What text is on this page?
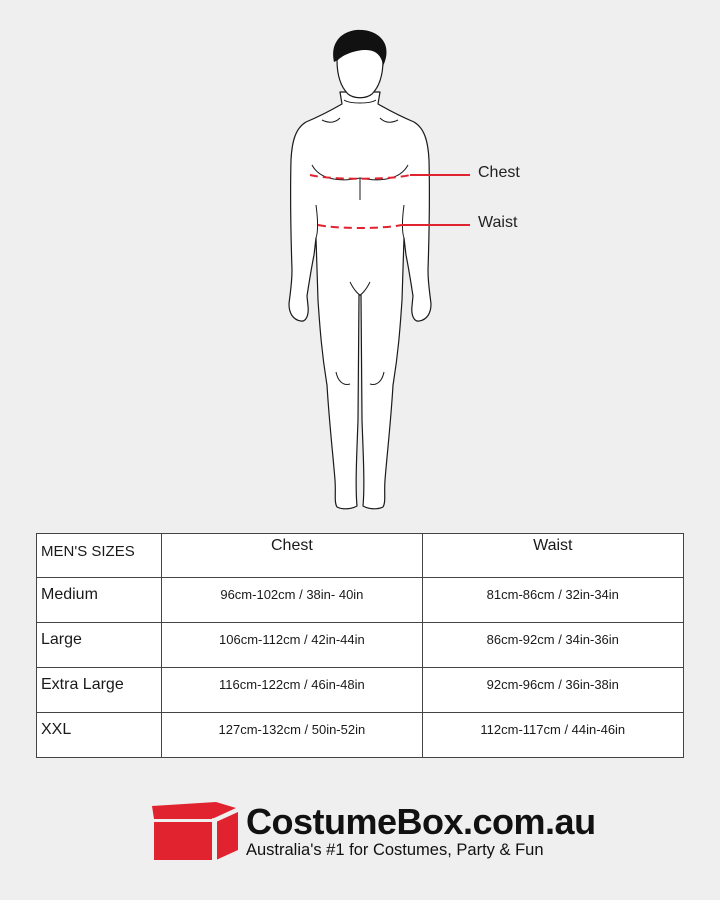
Chest
Waist
MEN'S SIZES	Chest	Waist
Medium	96cm-102cm / 38in- 40in	81cm-86cm / 32in-34in
Large	106cm-112cm / 42in-44in	86cm-92cm / 34in-36in
Extra Large	116cm-122cm / 46in-48in	92cm-96cm / 36in-38in
XXL	127cm-132cm / 50in-52in	112cm-117cm / 44in-46in
CostumeBox.com.au
Australia's #1 for Costumes, Party & Fun
